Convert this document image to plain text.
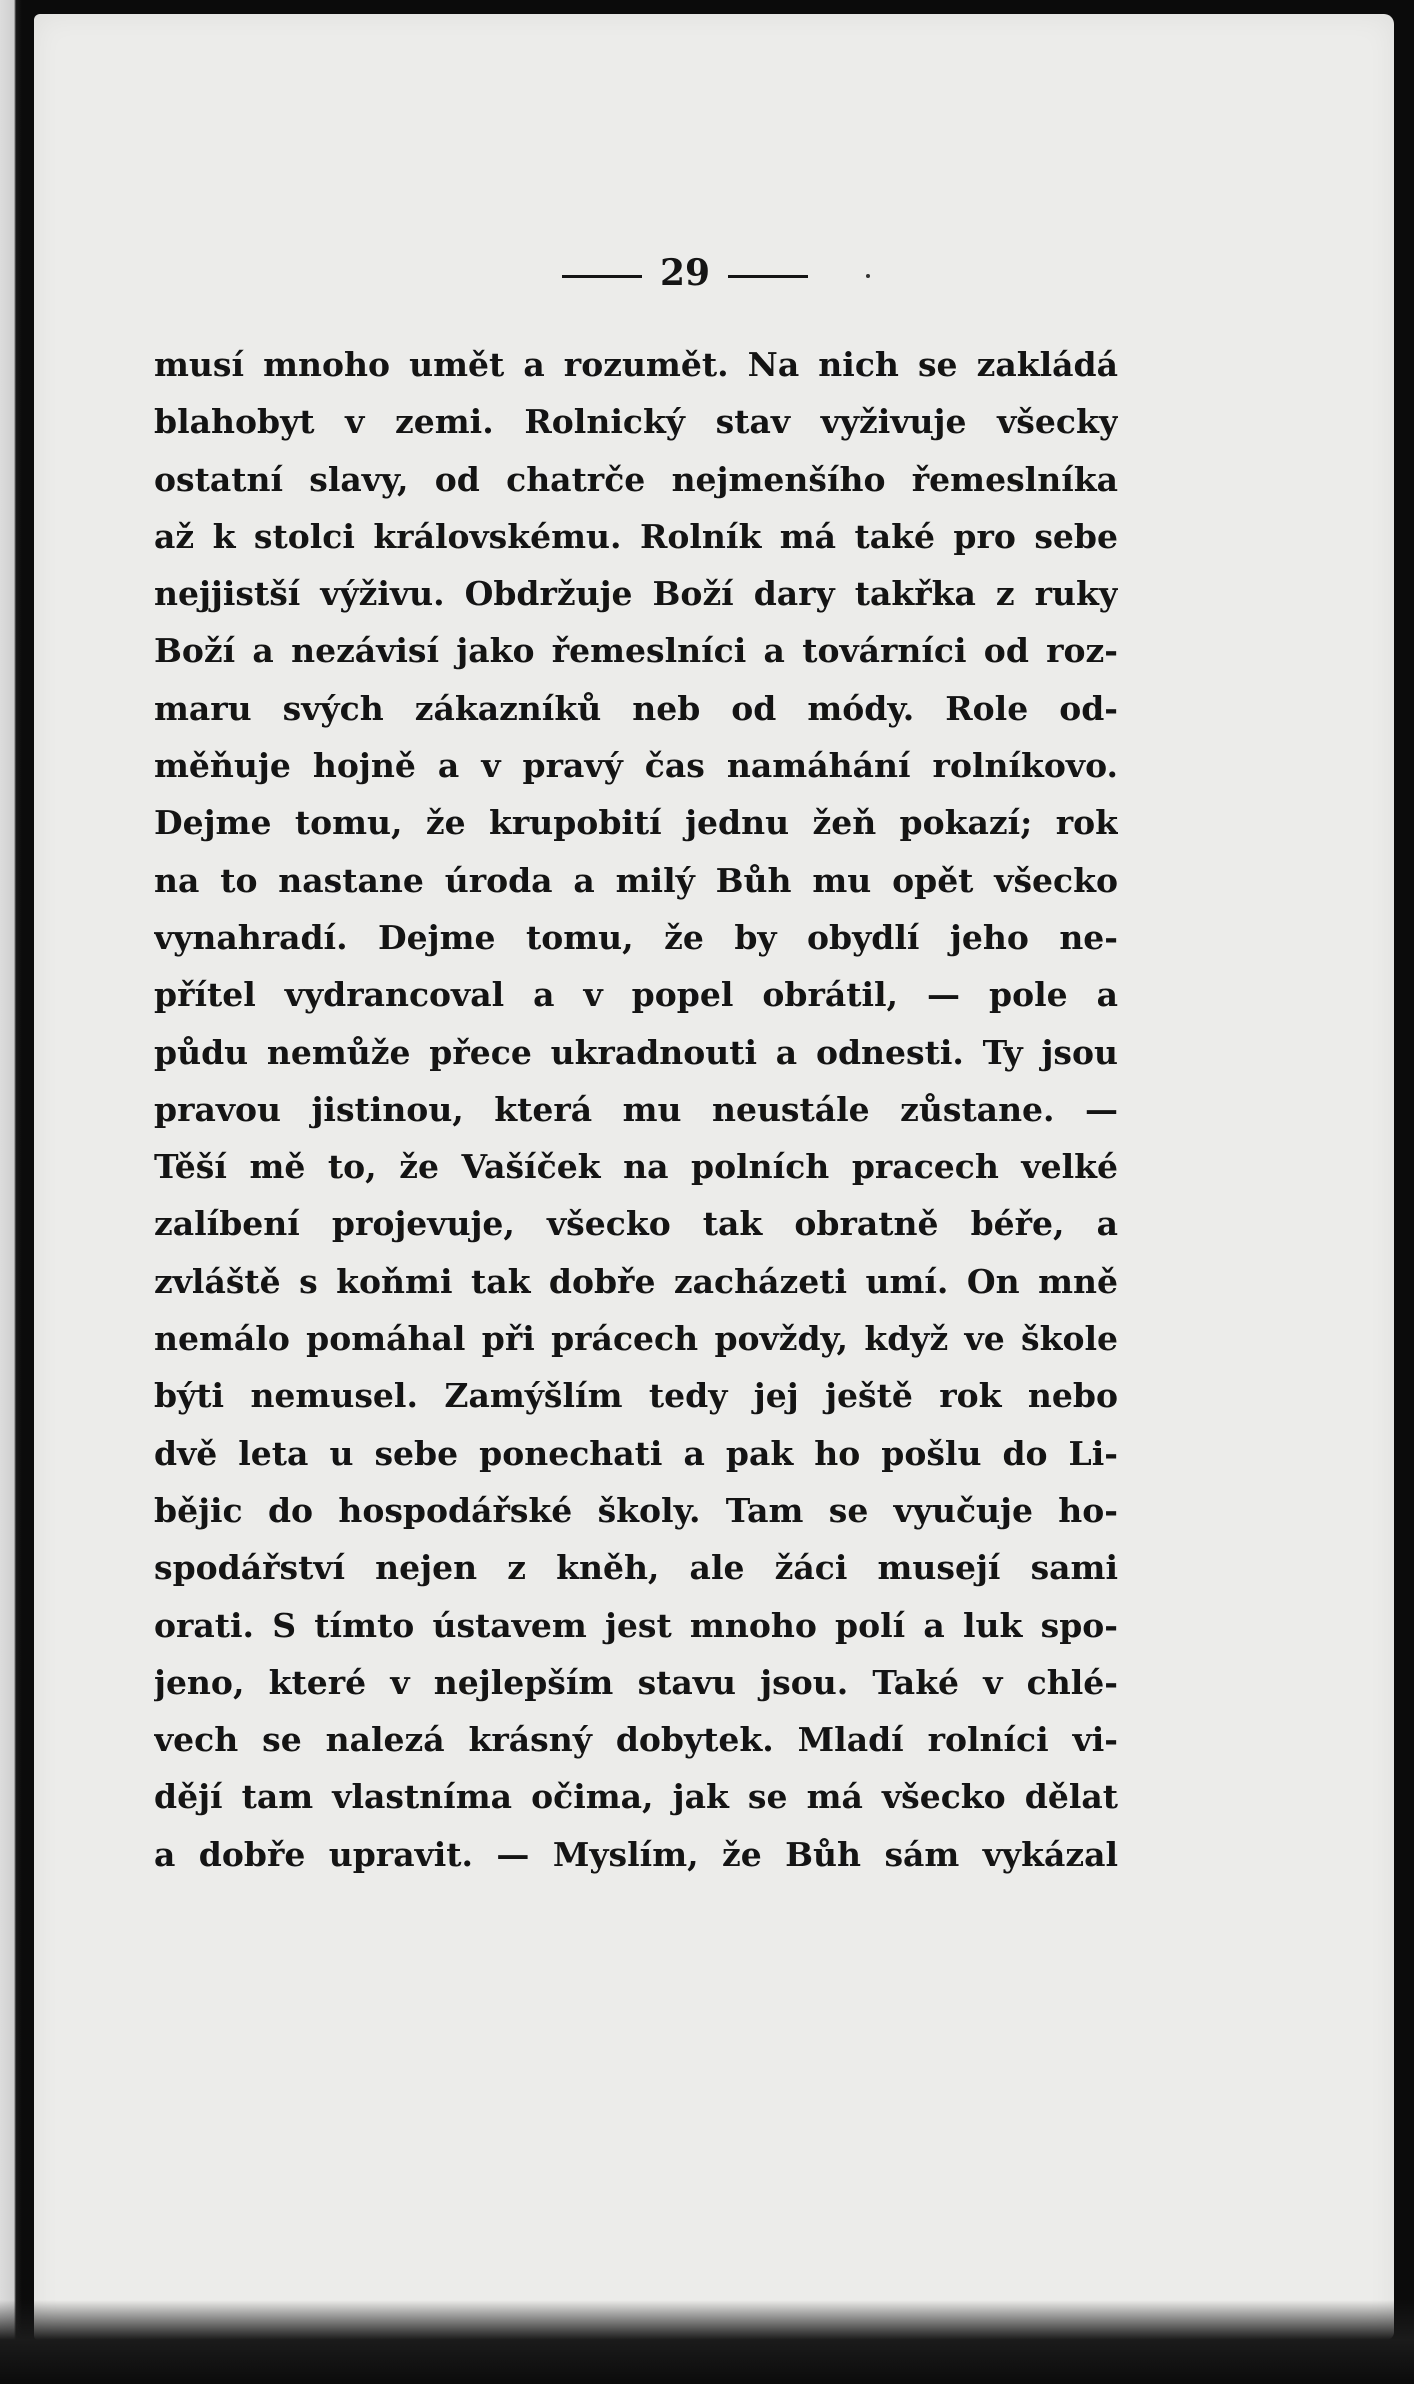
29
musí mnoho umět a rozumět. Na nich se zakládá
blahobyt v zemi. Rolnický stav vyživuje všecky
ostatní slavy, od chatrče nejmenšího řemeslníka
až k stolci královskému. Rolník má také pro sebe
nejjistší výživu. Obdržuje Boží dary takřka z ruky
Boží a nezávisí jako řemeslníci a továrníci od roz-
maru svých zákazníků neb od módy. Role od-
měňuje hojně a v pravý čas namáhání rolníkovo.
Dejme tomu, že krupobití jednu žeň pokazí; rok
na to nastane úroda a milý Bůh mu opět všecko
vynahradí. Dejme tomu, že by obydlí jeho ne-
přítel vydrancoval a v popel obrátil, — pole a
půdu nemůže přece ukradnouti a odnesti. Ty jsou
pravou jistinou, která mu neustále zůstane. —
Těší mě to, že Vašíček na polních pracech velké
zalíbení projevuje, všecko tak obratně béře, a
zvláště s koňmi tak dobře zacházeti umí. On mně
nemálo pomáhal při prácech povždy, když ve škole
býti nemusel. Zamýšlím tedy jej ještě rok nebo
dvě leta u sebe ponechati a pak ho pošlu do Li-
běјic do hospodářské školy. Tam se vyučuje ho-
spodářství nejen z kněh, ale žáci musejí sami
orati. S tímto ústavem jest mnoho polí a luk spo-
jeno, které v nejlepším stavu jsou. Také v chlé-
vech se nalezá krásný dobytek. Mladí rolníci vi-
dějí tam vlastníma očima, jak se má všecko dělat
a dobře upravit. — Myslím, že Bůh sám vykázal
